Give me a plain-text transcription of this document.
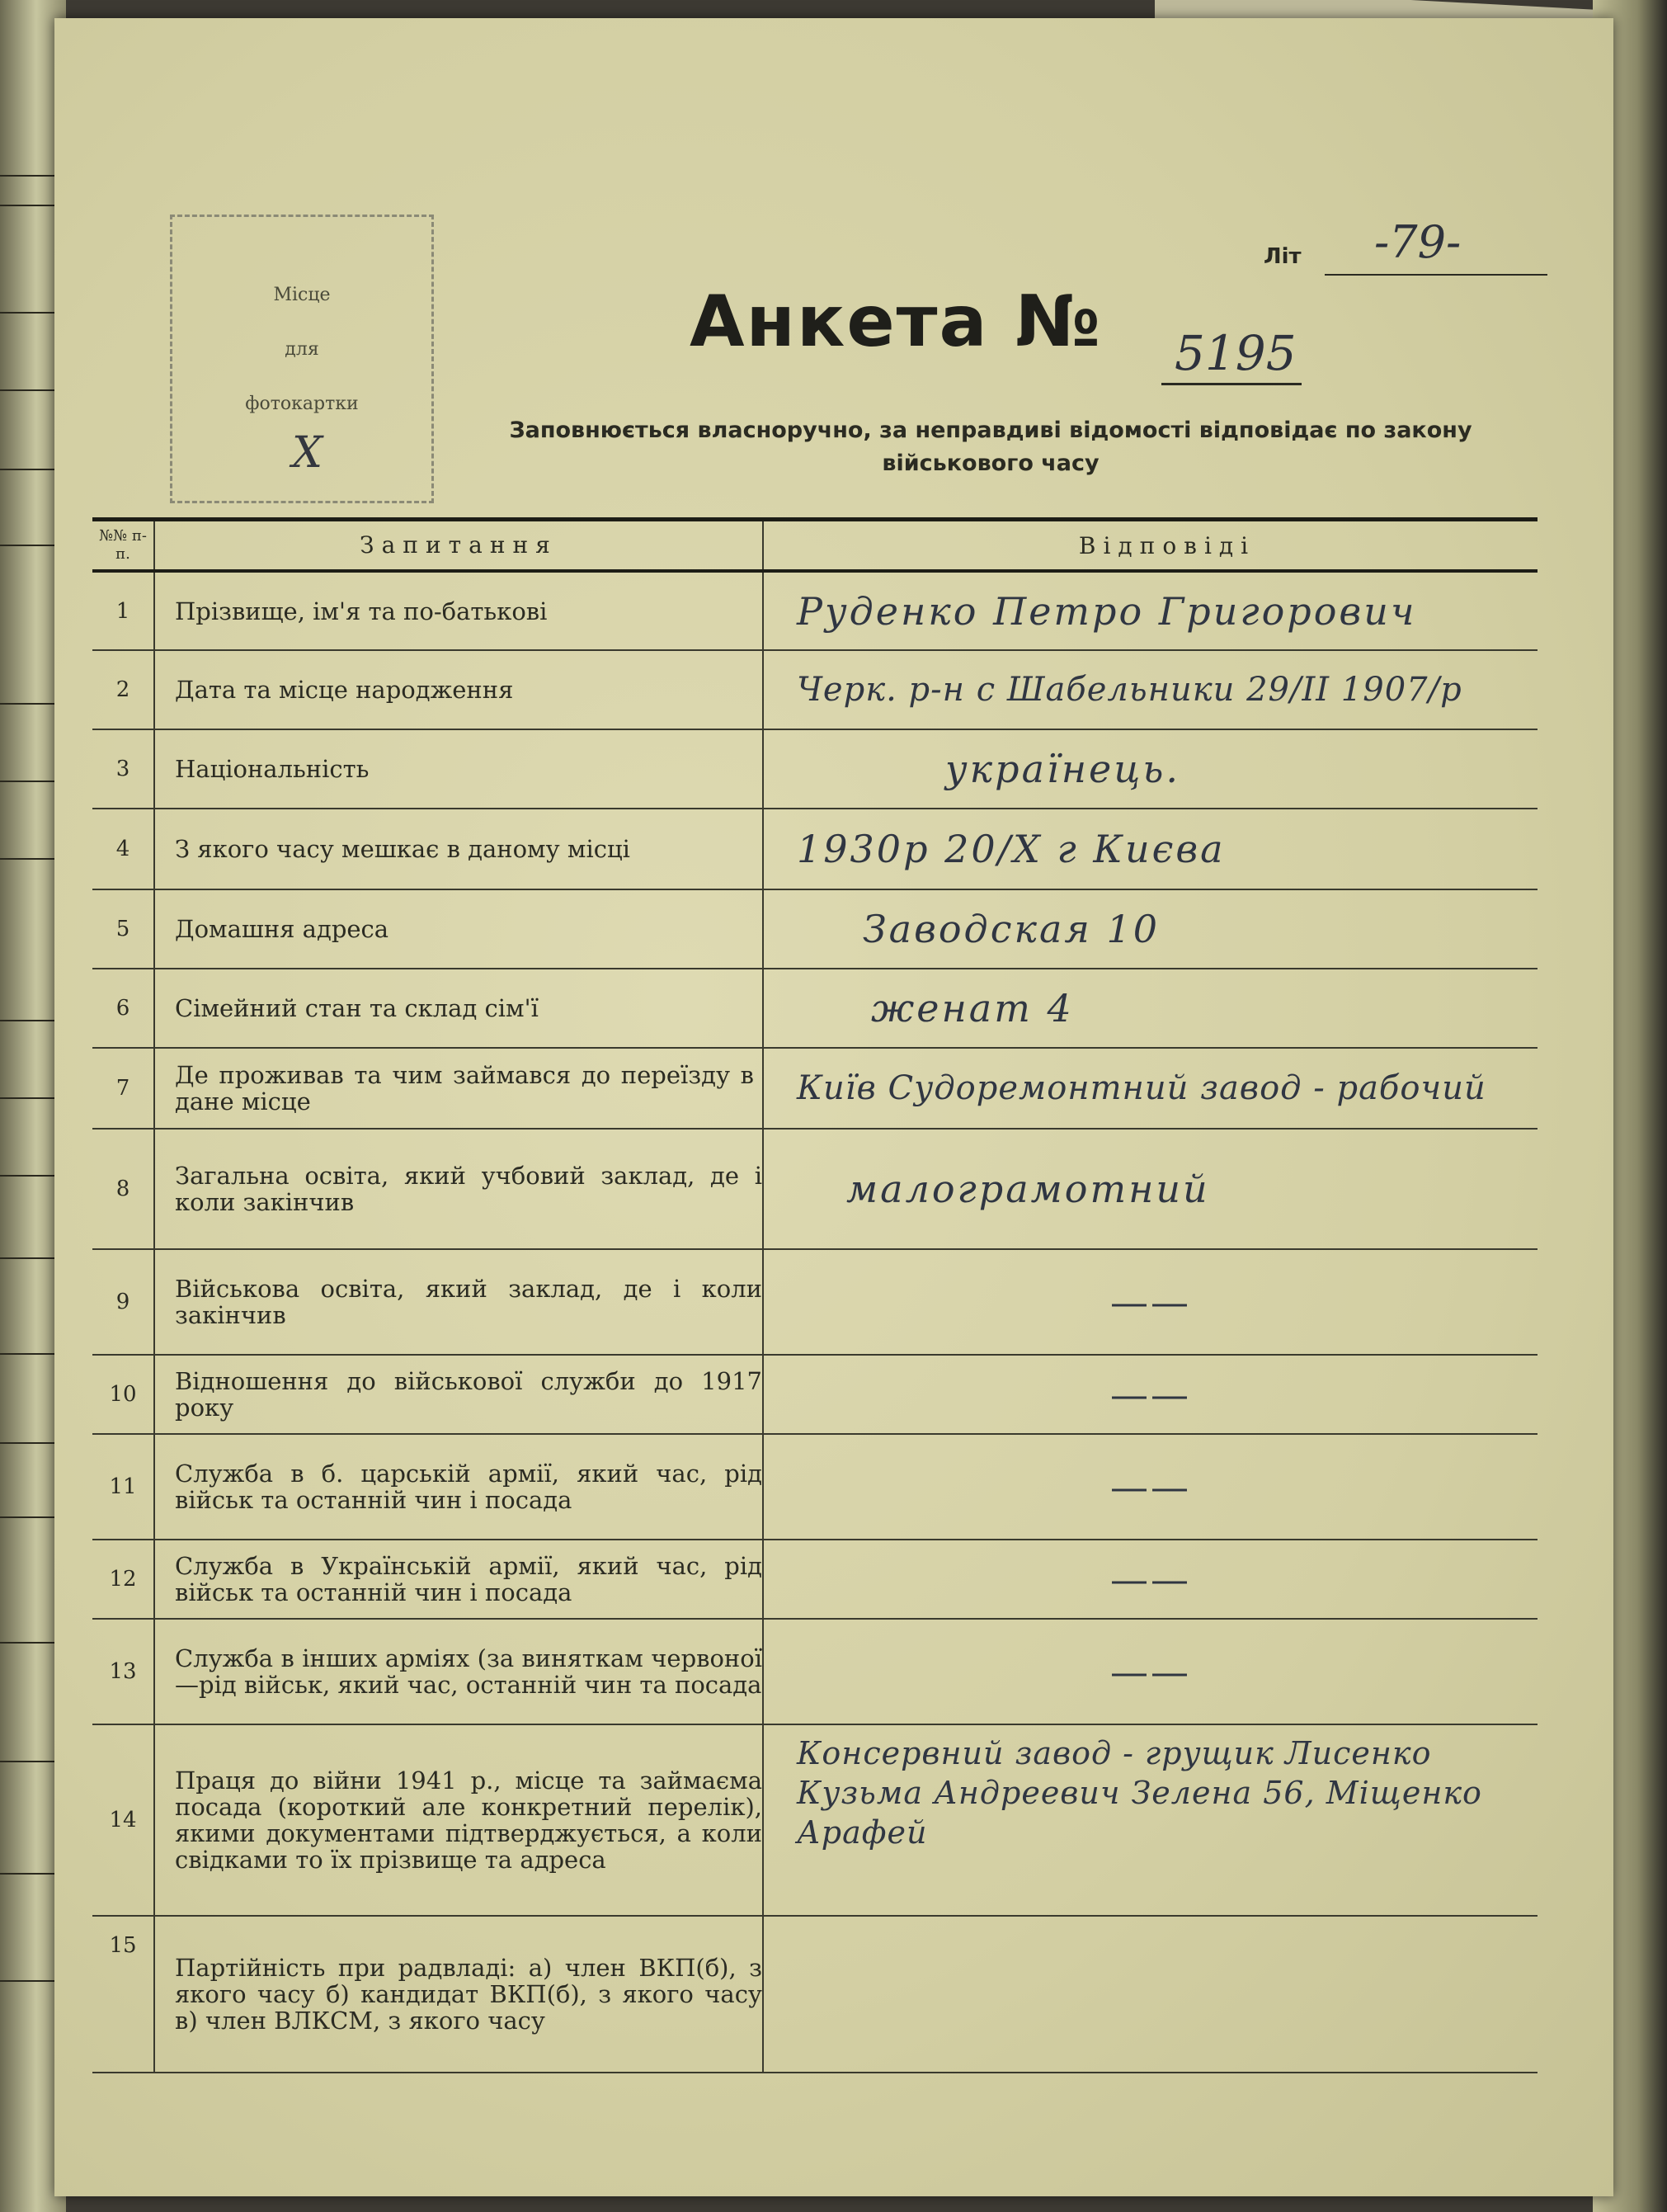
Місце
для
фотокартки
Х
Літ -79-
Анкета № 5195
Заповнюється власноручно, за неправдиві відомості відповідає по закону військового часу
№№ п-п.	Запитання	Відповіді
1	Прізвище, ім'я та по-батькові	Руденко Петро Григорович
2	Дата та місце народження	Черк. р-н с Шабельники 29/II 1907/р
3	Національність	українець.
4	З якого часу мешкає в даному місці	1930р 20/X г Києва
5	Домашня адреса	Заводская 10
6	Сімейний стан та склад сім'ї	женат 4
7	Де проживав та чим займався до переїзду в дане місце	Київ Судоремонтний завод - рабочий
8	Загальна освіта, який учбовий заклад, де і коли закінчив	малограмотний
9	Військова освіта, який заклад, де і коли закінчив	——
10	Відношення до військової служби до 1917 року	——
11	Служба в б. царській армії, який час, рід військ та останній чин і посада	——
12	Служба в Українській армії, який час, рід військ та останній чин і посада	——
13	Служба в інших арміях (за виняткам червоної—рід військ, який час, останній чин та посада	——
14	Праця до війни 1941 р., місце та займаєма посада (короткий але конкретний перелік), якими документами підтверджується, а коли свідками то їх прізвище та адреса	Консервний завод - грущик Лисенко Кузьма Андреевич Зелена 56, Міщенко Арафей
15	Партійність при радвладі: а) член ВКП(б), з якого часу б) кандидат ВКП(б), з якого часу в) член ВЛКСМ, з якого часу	
